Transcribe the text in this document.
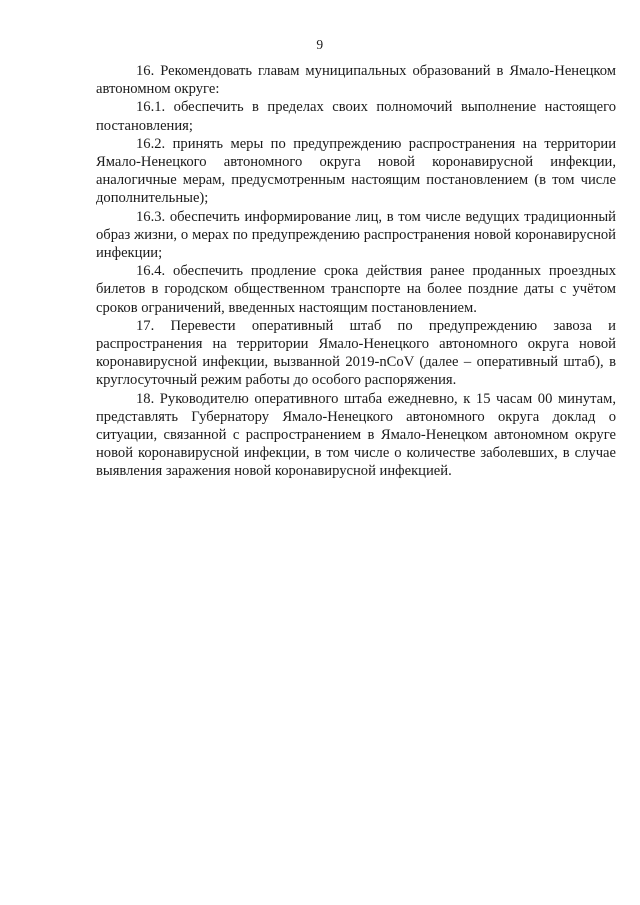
9

16. Рекомендовать главам муниципальных образований в Ямало-Ненецком автономном округе:

16.1. обеспечить в пределах своих полномочий выполнение настоящего постановления;

16.2. принять меры по предупреждению распространения на территории Ямало-Ненецкого автономного округа новой коронавирусной инфекции, аналогичные мерам, предусмотренным настоящим постановлением (в том числе дополнительные);

16.3. обеспечить информирование лиц, в том числе ведущих традиционный образ жизни, о мерах по предупреждению распространения новой коронавирусной инфекции;

16.4. обеспечить продление срока действия ранее проданных проездных билетов в городском общественном транспорте на более поздние даты с учётом сроков ограничений, введенных настоящим постановлением.

17. Перевести оперативный штаб по предупреждению завоза и распространения на территории Ямало-Ненецкого автономного округа новой коронавирусной инфекции, вызванной 2019-nCoV (далее – оперативный штаб), в круглосуточный режим работы до особого распоряжения.

18. Руководителю оперативного штаба ежедневно, к 15 часам 00 минутам, представлять Губернатору Ямало-Ненецкого автономного округа доклад о ситуации, связанной с распространением в Ямало-Ненецком автономном округе новой коронавирусной инфекции, в том числе о количестве заболевших, в случае выявления заражения новой коронавирусной инфекцией.
